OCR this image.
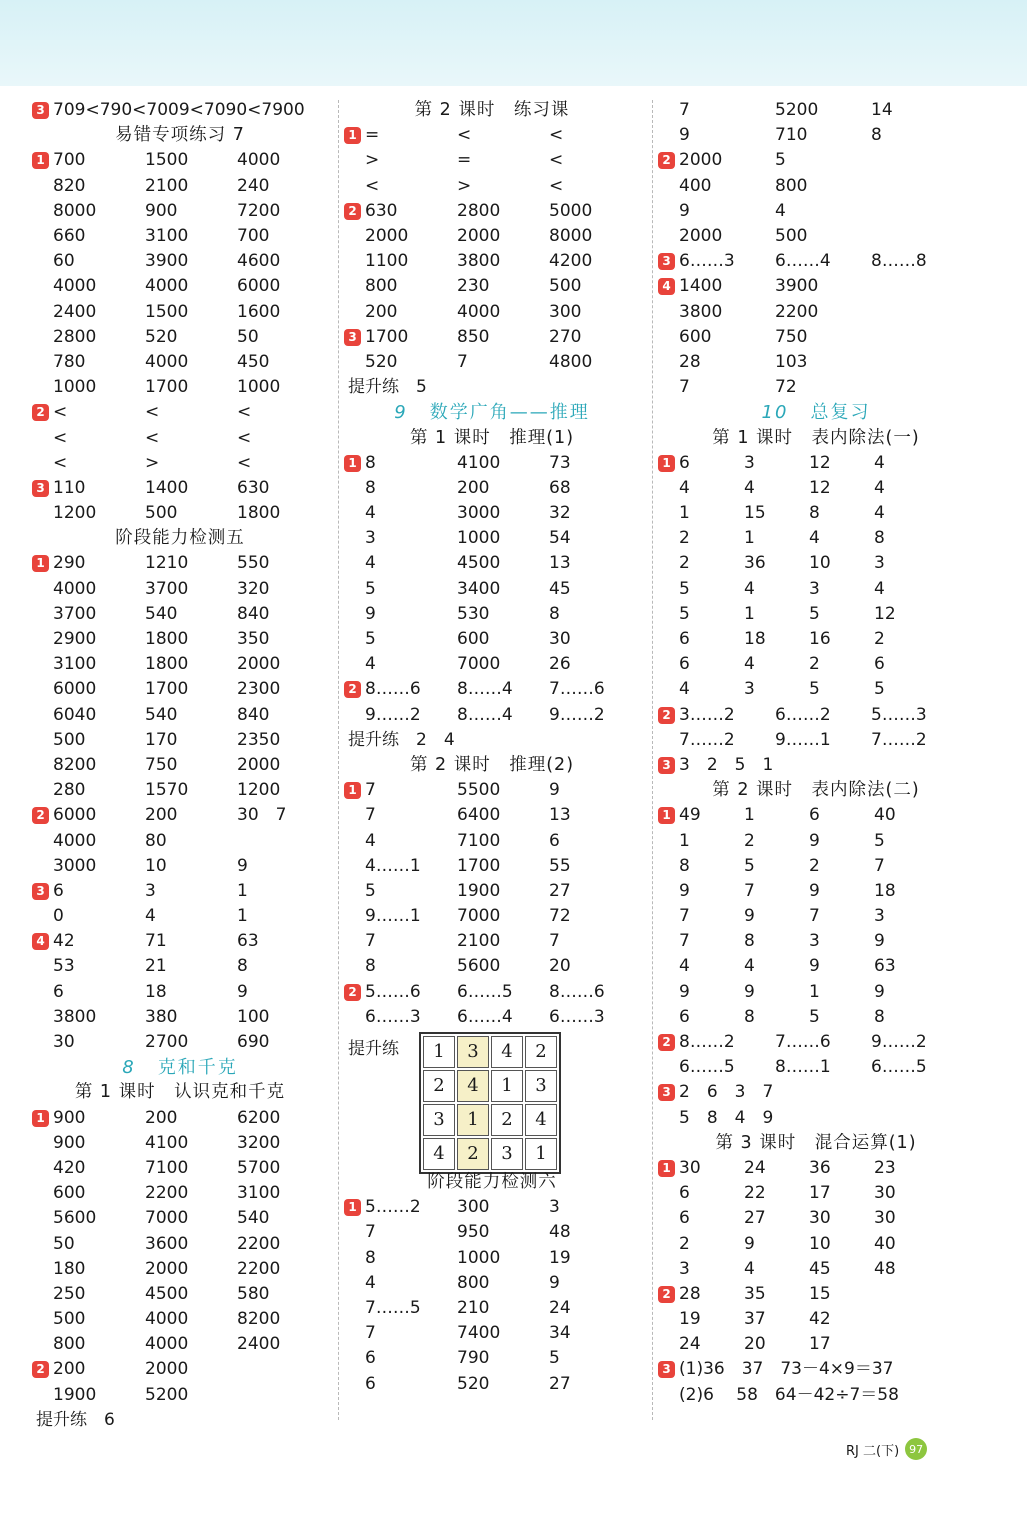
3 709<790<7009<7090<7900
易错专项练习 7
1 700	1500	4000
820	2100	240
8000	900	7200
660	3100	700
60	3900	4600
4000	4000	6000
2400	1500	1600
2800	520	50
780	4000	450
1000	1700	1000
2 <	<	<
<	<	<
<	>	<
3 110	1400	630
1200	500	1800
阶段能力检测五
1 290	1210	550
4000	3700	320
3700	540	840
2900	1800	350
3100	1800	2000
6000	1700	2300
6040	540	840
500	170	2350
8200	750	2000
280	1570	1200
2 6000	200	30　7
4000	80
3000	10	9
3 6	3	1
0	4	1
4 42	71	63
53	21	8
6	18	9
3800	380	100
30	2700	690
8 克和千克
第 1 课时　认识克和千克
1 900	200	6200
900	4100	3200
420	7100	5700
600	2200	3100
5600	7000	540
50	3600	2200
180	2000	2200
250	4500	580
500	4000	8200
800	4000	2400
2 200	2000
1900	5200
提升练　6
第 2 课时　练习课
1 =	<	<
>	=	<
<	>	<
2 630	2800	5000
2000	2000	8000
1100	3800	4200
800	230	500
200	4000	300
3 1700	850	270
520	7	4800
提升练　5
9 数学广角——推理
第 1 课时　推理(1)
1 8	4100	73
8	200	68
4	3000	32
3	1000	54
4	4500	13
5	3400	45
9	530	8
5	600	30
4	7000	26
2 8……6	8……4	7……6
9……2	8……4	9……2
提升练　2　4
第 2 课时　推理(2)
1 7	5500	9
7	6400	13
4	7100	6
4……1	1700	55
5	1900	27
9……1	7000	72
7	2100	7
8	5600	20
2 5……6	6……5	8……6
6……3	6……4	6……3
提升练	1	3	4	2
2	4	1	3
3	1	2	4
4	2	3	1
阶段能力检测六
1 5……2	300	3
7	950	48
8	1000	19
4	800	9
7……5	210	24
7	7400	34
6	790	5
6	520	27
7	5200	14
9	710	8
2 2000	5
400	800
9	4
2000	500
3 6……3	6……4	8……8
4 1400	3900
3800	2200
600	750
28	103
7	72
10 总复习
第 1 课时　表内除法(一)
1 6	3	12	4
4	4	12	4
1	15	8	4
2	1	4	8
2	36	10	3
5	4	3	4
5	1	5	12
6	18	16	2
6	4	2	6
4	3	5	5
2 3……2	6……2	5……3
7……2	9……1	7……2
3 3　2　5　1
第 2 课时　表内除法(二)
1 49	1	6	40
1	2	9	5
8	5	2	7
9	7	9	18
7	9	7	3
7	8	3	9
4	4	9	63
9	9	1	9
6	8	5	8
2 8……2	7……6	9……2
6……5	8……1	6……5
3 2　6　3　7
5　8　4　9
第 3 课时　混合运算(1)
1 30	24	36	23
6	22	17	30
6	27	30	30
2	9	10	40
3	4	45	48
2 28	35	15
19	37	42
24	20	17
3 (1)36　37　73－4×9＝37
(2)6　 58　64－42÷7＝58
RJ 二(下) 97
